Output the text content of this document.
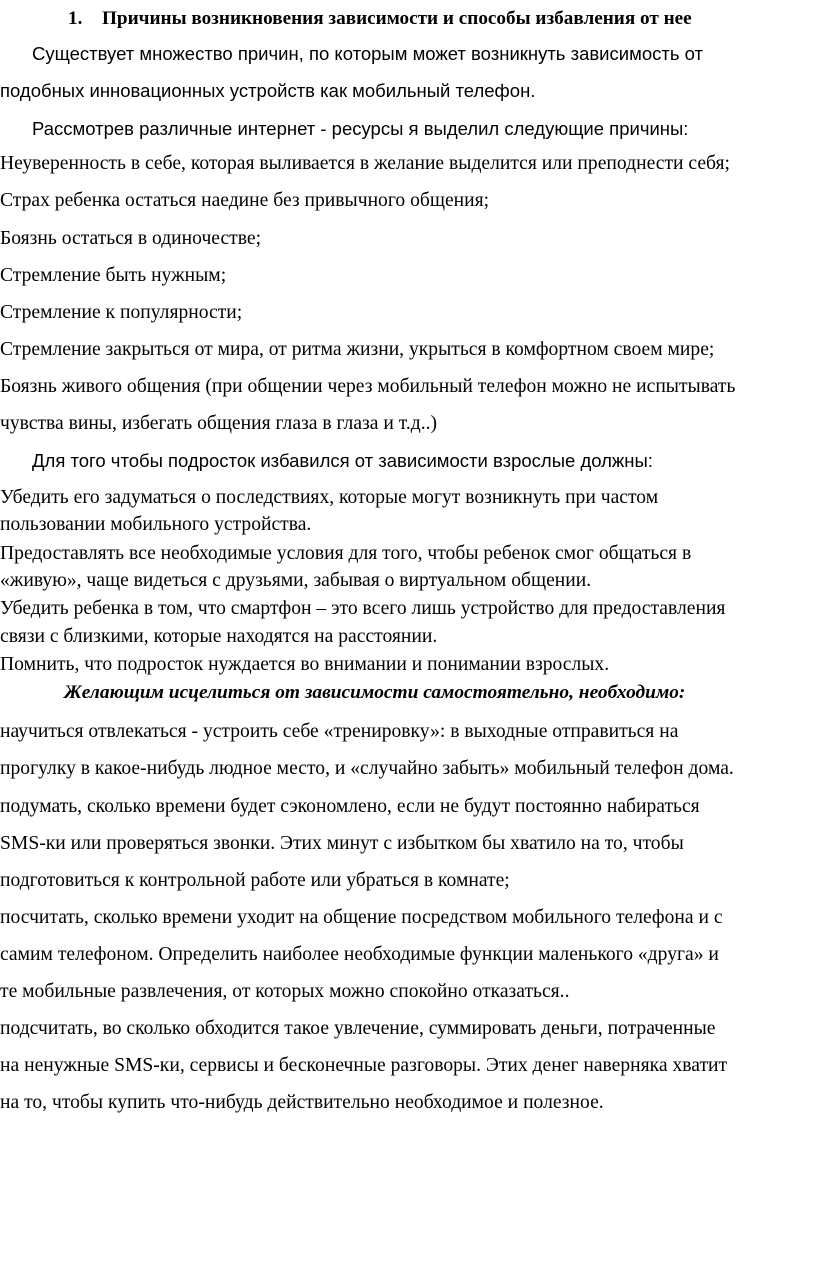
1. Причины возникновения зависимости и способы избавления от нее
Существует множество причин, по которым может возникнуть зависимость от
подобных инновационных устройств как мобильный телефон.
Рассмотрев различные интернет - ресурсы я выделил следующие причины:
Неуверенность в себе, которая выливается в желание выделится или преподнести себя;
Страх ребенка остаться наедине без привычного общения;
Боязнь остаться в одиночестве;
Стремление быть нужным;
Стремление к популярности;
Стремление закрыться от мира, от ритма жизни, укрыться в комфортном своем мире;
Боязнь живого общения (при общении через мобильный телефон можно не испытывать
чувства вины, избегать общения глаза в глаза и т.д..)
Для того чтобы подросток избавился от зависимости взрослые должны:
Убедить его задуматься о последствиях, которые могут возникнуть при частом
пользовании мобильного устройства.
Предоставлять все необходимые условия для того, чтобы ребенок смог общаться в
«живую», чаще видеться с друзьями, забывая о виртуальном общении.
Убедить ребенка в том, что смартфон – это всего лишь устройство для предоставления
связи с близкими, которые находятся на расстоянии.
Помнить, что подросток нуждается во внимании и понимании взрослых.
Желающим исцелиться от зависимости самостоятельно, необходимо:
научиться отвлекаться - устроить себе «тренировку»: в выходные отправиться на
прогулку в какое-нибудь людное место, и «случайно забыть» мобильный телефон дома.
подумать, сколько времени будет сэкономлено, если не будут постоянно набираться
SMS-ки или проверяться звонки. Этих минут с избытком бы хватило на то, чтобы
подготовиться к контрольной работе или убраться в комнате;
посчитать, сколько времени уходит на общение посредством мобильного телефона и с
самим телефоном. Определить наиболее необходимые функции маленького «друга» и
те мобильные развлечения, от которых можно спокойно отказаться..
подсчитать, во сколько обходится такое увлечение, суммировать деньги, потраченные
на ненужные SMS-ки, сервисы и бесконечные разговоры. Этих денег наверняка хватит
на то, чтобы купить что-нибудь действительно необходимое и полезное.
